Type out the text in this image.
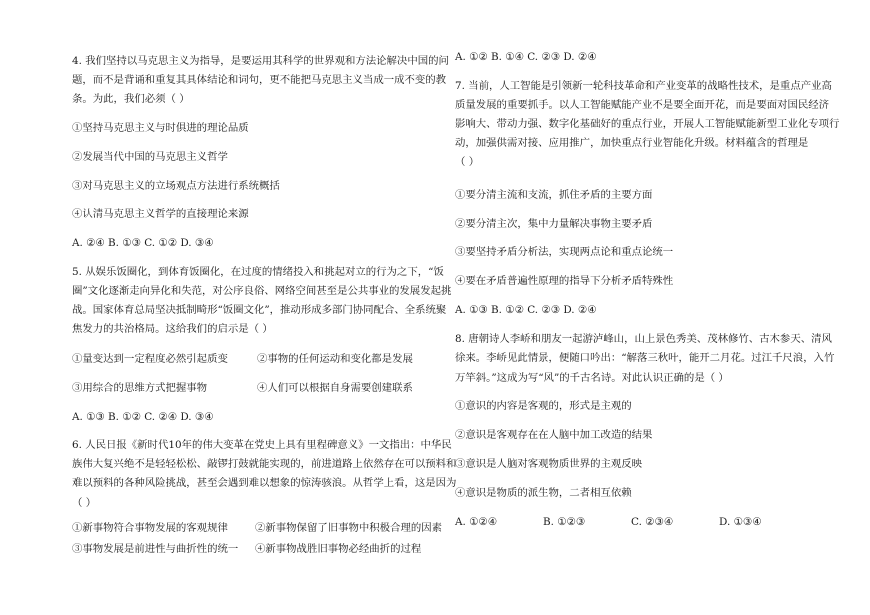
4. 我们坚持以马克思主义为指导，是要运用其科学的世界观和方法论解决中国的问
题，而不是背诵和重复其具体结论和词句，更不能把马克思主义当成一成不变的教
条。为此，我们必须（ ）
①坚持马克思主义与时俱进的理论品质
②发展当代中国的马克思主义哲学
③对马克思主义的立场观点方法进行系统概括
④认清马克思主义哲学的直接理论来源
A. ②④ B. ①③ C. ①② D. ③④
5. 从娱乐饭圈化，到体育饭圈化，在过度的情绪投入和挑起对立的行为之下，“饭
圈”文化逐渐走向异化和失范，对公序良俗、网络空间甚至是公共事业的发展发起挑
战。国家体育总局坚决抵制畸形“饭圈文化”，推动形成多部门协同配合、全系统聚
焦发力的共治格局。这给我们的启示是（ ）
①量变达到一定程度必然引起质变	②事物的任何运动和变化都是发展
③用综合的思维方式把握事物	④人们可以根据自身需要创建联系
A. ①③ B. ①② C. ②④ D. ③④
6. 人民日报《新时代10年的伟大变革在党史上具有里程碑意义》一文指出：中华民
族伟大复兴绝不是轻轻松松、敲锣打鼓就能实现的，前进道路上依然存在可以预料和
难以预料的各种风险挑战，甚至会遇到难以想象的惊涛骇浪。从哲学上看，这是因为
（ ）
①新事物符合事物发展的客观规律	②新事物保留了旧事物中积极合理的因素
③事物发展是前进性与曲折性的统一 ④新事物战胜旧事物必经曲折的过程
A. ①② B. ①④ C. ②③ D. ②④
7. 当前，人工智能是引领新一轮科技革命和产业变革的战略性技术，是重点产业高
质量发展的重要抓手。以人工智能赋能产业不是要全面开花，而是要面对国民经济
影响大、带动力强、数字化基础好的重点行业，开展人工智能赋能新型工业化专项行
动，加强供需对接、应用推广，加快重点行业智能化升级。材料蕴含的哲理是
（ ）
①要分清主流和支流，抓住矛盾的主要方面
②要分清主次，集中力量解决事物主要矛盾
③要坚持矛盾分析法，实现两点论和重点论统一
④要在矛盾普遍性原理的指导下分析矛盾特殊性
A. ①③ B. ①② C. ②③ D. ②④
8. 唐朝诗人李峤和朋友一起游泸峰山，山上景色秀美、茂林修竹、古木参天、清风
徐来。李峤见此情景，便随口吟出：“解落三秋叶，能开二月花。过江千尺浪，入竹
万竿斜。”这成为写“风”的千古名诗。对此认识正确的是（ ）
①意识的内容是客观的，形式是主观的
②意识是客观存在在人脑中加工改造的结果
③意识是人脑对客观物质世界的主观反映
④意识是物质的派生物，二者相互依赖
A. ①②④	B. ①②③	C. ②③④	D. ①③④
